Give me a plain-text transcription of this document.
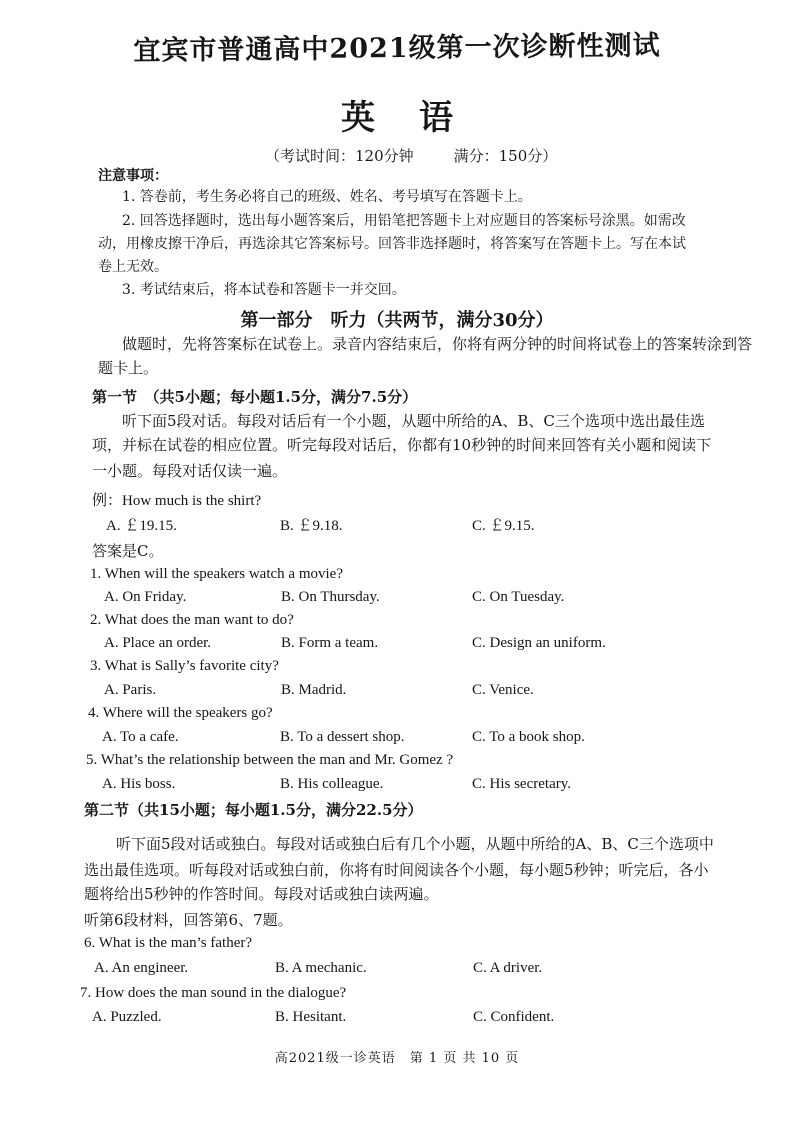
宜宾市普通高中2021级第一次诊断性测试
英语
（考试时间：120分钟	满分：150分）
注意事项：
1. 答卷前，考生务必将自己的班级、姓名、考号填写在答题卡上。
2. 回答选择题时，选出每小题答案后，用铅笔把答题卡上对应题目的答案标号涂黑。如需改
动，用橡皮擦干净后，再选涂其它答案标号。回答非选择题时，将答案写在答题卡上。写在本试
卷上无效。
3. 考试结束后，将本试卷和答题卡一并交回。
第一部分　听力（共两节，满分30分）
做题时，先将答案标在试卷上。录音内容结束后，你将有两分钟的时间将试卷上的答案转涂到答
题卡上。
第一节　（共5小题；每小题1.5分，满分7.5分）
听下面5段对话。每段对话后有一个小题，从题中所给的A、B、C三个选项中选出最佳选
项，并标在试卷的相应位置。听完每段对话后，你都有10秒钟的时间来回答有关小题和阅读下
一小题。每段对话仅读一遍。
例：How much is the shirt?
A. ￡19.15.	B. ￡9.18.	C. ￡9.15.
答案是C。
1. When will the speakers watch a movie?
A. On Friday.	B. On Thursday.	C. On Tuesday.
2. What does the man want to do?
A. Place an order.	B. Form a team.	C. Design an uniform.
3. What is Sally’s favorite city?
A. Paris.	B. Madrid.	C. Venice.
4. Where will the speakers go?
A. To a cafe.	B. To a dessert shop.	C. To a book shop.
5. What’s the relationship between the man and Mr. Gomez ?
A. His boss.	B. His colleague.	C. His secretary.
第二节（共15小题；每小题1.5分，满分22.5分）
听下面5段对话或独白。每段对话或独白后有几个小题，从题中所给的A、B、C三个选项中
选出最佳选项。听每段对话或独白前，你将有时间阅读各个小题，每小题5秒钟；听完后，各小
题将给出5秒钟的作答时间。每段对话或独白读两遍。
听第6段材料，回答第6、7题。
6. What is the man’s father?
A. An engineer.	B. A mechanic.	C. A driver.
7. How does the man sound in the dialogue?
A. Puzzled.	B. Hesitant.	C. Confident.
高2021级一诊英语　第 1 页 共 10 页
